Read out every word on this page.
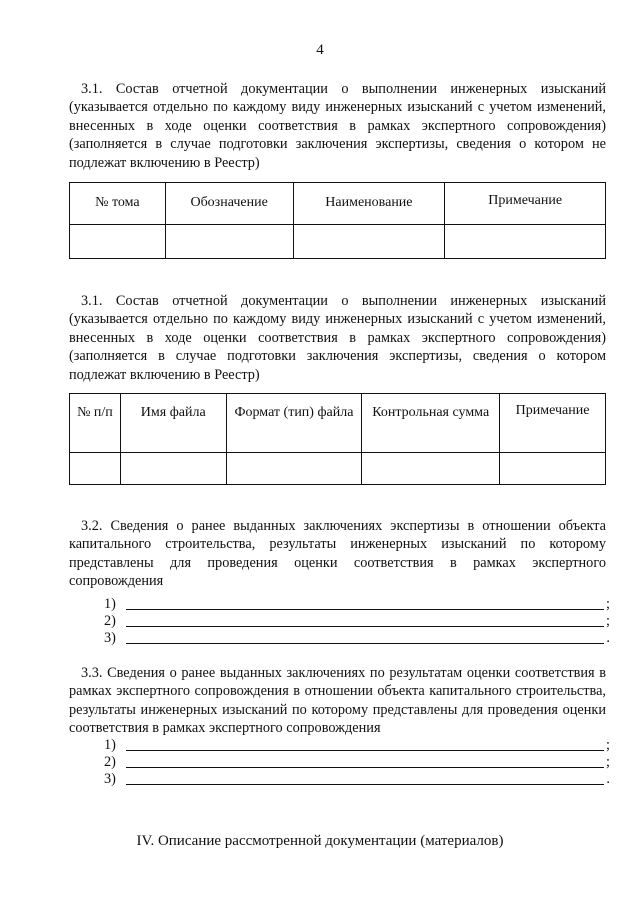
4
3.1. Состав отчетной документации о выполнении инженерных изысканий (указывается отдельно по каждому виду инженерных изысканий с учетом изменений, внесенных в ходе оценки соответствия в рамках экспертного сопровождения) (заполняется в случае подготовки заключения экспертизы, сведения о котором не подлежат включению в Реестр)
№ тома	Обозначение	Наименование	Примечание

3.1. Состав отчетной документации о выполнении инженерных изысканий (указывается отдельно по каждому виду инженерных изысканий с учетом изменений, внесенных в ходе оценки соответствия в рамках экспертного сопровождения) (заполняется в случае подготовки заключения экспертизы, сведения о котором подлежат включению в Реестр)
№ п/п	Имя файла	Формат (тип) файла	Контрольная сумма	Примечание

3.2. Сведения о ранее выданных заключениях экспертизы в отношении объекта капитального строительства, результаты инженерных изысканий по которому представлены для проведения оценки соответствия в рамках экспертного сопровождения
1)	;
2)	;
3)	.
3.3. Сведения о ранее выданных заключениях по результатам оценки соответствия в рамках экспертного сопровождения в отношении объекта капитального строительства, результаты инженерных изысканий по которому представлены для проведения оценки соответствия в рамках экспертного сопровождения
1)	;
2)	;
3)	.
IV. Описание рассмотренной документации (материалов)
